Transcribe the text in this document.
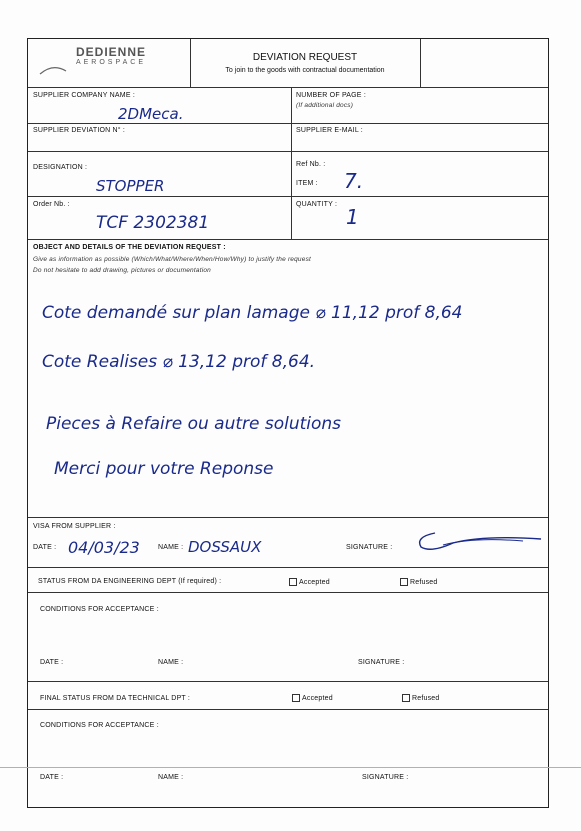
DEDIENNE
AEROSPACE	DEVIATION REQUEST
To join to the goods with contractual documentation
SUPPLIER COMPANY NAME :
2DMeca.
NUMBER OF PAGE :
(If additional docs)
SUPPLIER DEVIATION N° :	SUPPLIER E-MAIL :
DESIGNATION :
STOPPER
Ref Nb. :
ITEM : 7.
Order Nb. :
TCF 2302381
QUANTITY :
1
OBJECT AND DETAILS OF THE DEVIATION REQUEST :
Give as information as possible (Which/What/Where/When/How/Why) to justify the request
Do not hesitate to add drawing, pictures or documentation
Cote demandé sur plan lamage ⌀ 11,12 prof 8,64
Cote Realises ⌀ 13,12 prof 8,64.
Pieces à Refaire ou autre solutions
Merci pour votre Reponse
VISA FROM SUPPLIER :
DATE : 04/03/23	NAME : DOSSAUX	SIGNATURE :
STATUS FROM DA ENGINEERING DEPT (If required) :	Accepted	Refused
CONDITIONS FOR ACCEPTANCE :
DATE :	NAME :	SIGNATURE :
FINAL STATUS FROM DA TECHNICAL DPT :	Accepted	Refused
CONDITIONS FOR ACCEPTANCE :
DATE :	NAME :	SIGNATURE :
